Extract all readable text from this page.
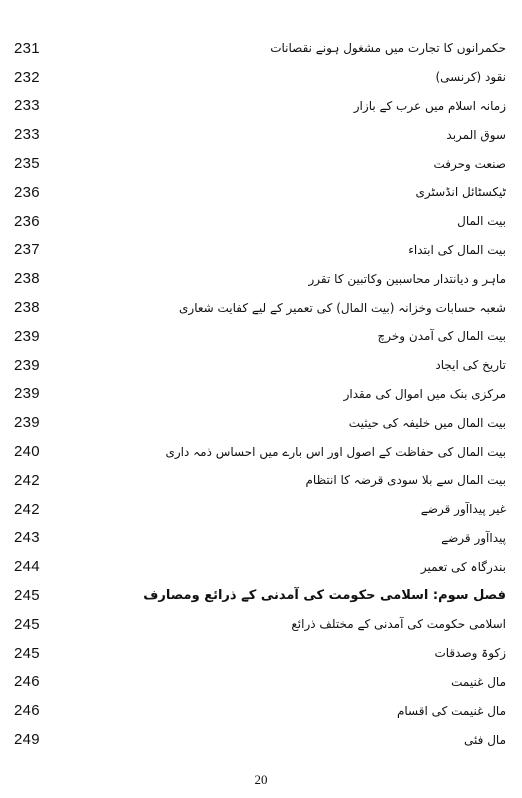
231	حکمرانوں کا تجارت میں مشغول ہونے نقصانات
232	نقود (کرنسی)
233	زمانہ اسلام میں عرب کے بازار
233	سوق المربد
235	صنعت وحرفت
236	ٹیکسٹائل انڈسٹری
236	بیت المال
237	بیت المال کی ابتداء
238	ماہر و دیانتدار محاسبین وکاتبین کا تقرر
238	شعبہ حسابات وخزانہ (بیت المال) کی تعمیر کے لیے کفایت شعاری
239	بیت المال کی آمدن وخرچ
239	تاریخ کی ایجاد
239	مرکزی بنک میں اموال کی مقدار
239	بیت المال میں خلیفہ کی حیثیت
240	بیت المال کی حفاظت کے اصول اور اس بارے میں احساس ذمہ داری
242	بیت المال سے بلا سودی قرضہ کا انتظام
242	غیر پیداآور قرضے
243	پیداآور قرضے
244	بندرگاہ کی تعمیر
245	فصل سوم: اسلامی حکومت کی آمدنی کے ذرائع ومصارف
245	اسلامی حکومت کی آمدنی کے مختلف ذرائع
245	زکوۃ وصدقات
246	مال غنیمت
246	مال غنیمت کی اقسام
249	مال فئی
20
